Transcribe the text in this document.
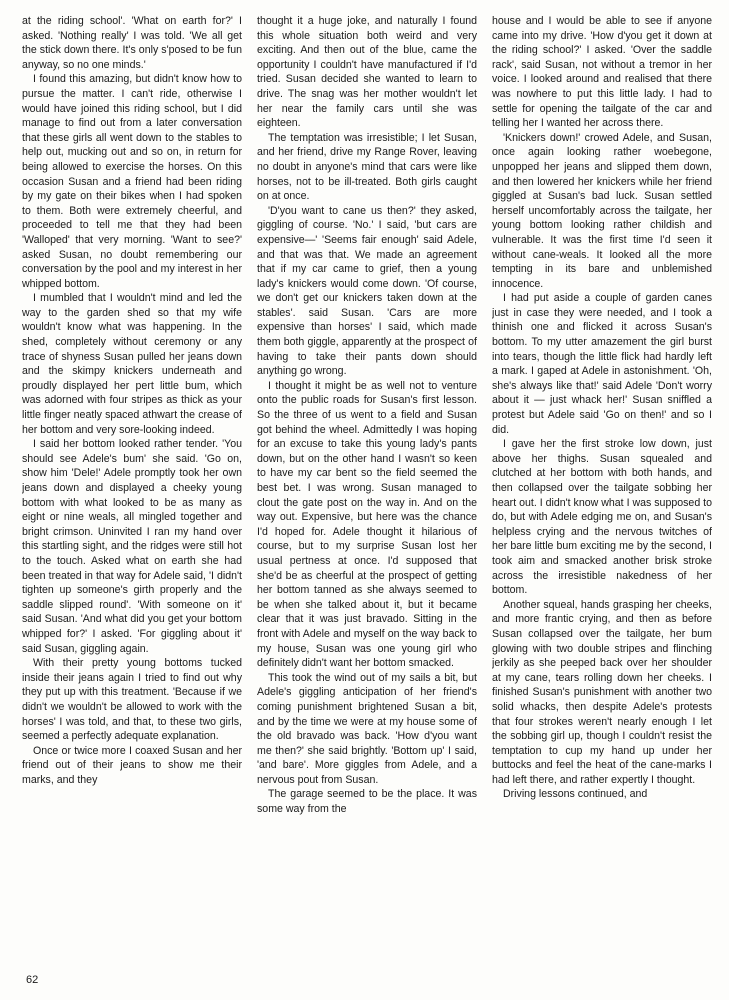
at the riding school'. 'What on earth for?' I asked. 'Nothing really' I was told. 'We all get the stick down there. It's only s'posed to be fun anyway, so no one minds.'

I found this amazing, but didn't know how to pursue the matter. I can't ride, otherwise I would have joined this riding school, but I did manage to find out from a later conversation that these girls all went down to the stables to help out, mucking out and so on, in return for being allowed to exercise the horses. On this occasion Susan and a friend had been riding by my gate on their bikes when I had spoken to them. Both were extremely cheerful, and proceeded to tell me that they had been 'Walloped' that very morning. 'Want to see?' asked Susan, no doubt remembering our conversation by the pool and my interest in her whipped bottom.

I mumbled that I wouldn't mind and led the way to the garden shed so that my wife wouldn't know what was happening. In the shed, completely without ceremony or any trace of shyness Susan pulled her jeans down and the skimpy knickers underneath and proudly displayed her pert little bum, which was adorned with four stripes as thick as your little finger neatly spaced athwart the crease of her bottom and very sore-looking indeed.

I said her bottom looked rather tender. 'You should see Adele's bum' she said. 'Go on, show him 'Dele!' Adele promptly took her own jeans down and displayed a cheeky young bottom with what looked to be as many as eight or nine weals, all mingled together and bright crimson. Uninvited I ran my hand over this startling sight, and the ridges were still hot to the touch. Asked what on earth she had been treated in that way for Adele said, 'I didn't tighten up someone's girth properly and the saddle slipped round'. 'With someone on it' said Susan. 'And what did you get your bottom whipped for?' I asked. 'For giggling about it' said Susan, giggling again.

With their pretty young bottoms tucked inside their jeans again I tried to find out why they put up with this treatment. 'Because if we didn't we wouldn't be allowed to work with the horses' I was told, and that, to these two girls, seemed a perfectly adequate explanation.

Once or twice more I coaxed Susan and her friend out of their jeans to show me their marks, and they

thought it a huge joke, and naturally I found this whole situation both weird and very exciting. And then out of the blue, came the opportunity I couldn't have manufactured if I'd tried. Susan decided she wanted to learn to drive. The snag was her mother wouldn't let her near the family cars until she was eighteen.

The temptation was irresistible; I let Susan, and her friend, drive my Range Rover, leaving no doubt in anyone's mind that cars were like horses, not to be ill-treated. Both girls caught on at once.

'D'you want to cane us then?' they asked, giggling of course. 'No.' I said, 'but cars are expensive—' 'Seems fair enough' said Adele, and that was that. We made an agreement that if my car came to grief, then a young lady's knickers would come down. 'Of course, we don't get our knickers taken down at the stables'. said Susan. 'Cars are more expensive than horses' I said, which made them both giggle, apparently at the prospect of having to take their pants down should anything go wrong.

I thought it might be as well not to venture onto the public roads for Susan's first lesson. So the three of us went to a field and Susan got behind the wheel. Admittedly I was hoping for an excuse to take this young lady's pants down, but on the other hand I wasn't so keen to have my car bent so the field seemed the best bet. I was wrong. Susan managed to clout the gate post on the way in. And on the way out. Expensive, but here was the chance I'd hoped for. Adele thought it hilarious of course, but to my surprise Susan lost her usual pertness at once. I'd supposed that she'd be as cheerful at the prospect of getting her bottom tanned as she always seemed to be when she talked about it, but it became clear that it was just bravado. Sitting in the front with Adele and myself on the way back to my house, Susan was one young girl who definitely didn't want her bottom smacked.

This took the wind out of my sails a bit, but Adele's giggling anticipation of her friend's coming punishment brightened Susan a bit, and by the time we were at my house some of the old bravado was back. 'How d'you want me then?' she said brightly. 'Bottom up' I said, 'and bare'. More giggles from Adele, and a nervous pout from Susan.

The garage seemed to be the place. It was some way from the

house and I would be able to see if anyone came into my drive. 'How d'you get it down at the riding school?' I asked. 'Over the saddle rack', said Susan, not without a tremor in her voice. I looked around and realised that there was nowhere to put this little lady. I had to settle for opening the tailgate of the car and telling her I wanted her across there.

'Knickers down!' crowed Adele, and Susan, once again looking rather woebegone, unpopped her jeans and slipped them down, and then lowered her knickers while her friend giggled at Susan's bad luck. Susan settled herself uncomfortably across the tailgate, her young bottom looking rather childish and vulnerable. It was the first time I'd seen it without cane-weals. It looked all the more tempting in its bare and unblemished innocence.

I had put aside a couple of garden canes just in case they were needed, and I took a thinish one and flicked it across Susan's bottom. To my utter amazement the girl burst into tears, though the little flick had hardly left a mark. I gaped at Adele in astonishment. 'Oh, she's always like that!' said Adele 'Don't worry about it — just whack her!' Susan sniffled a protest but Adele said 'Go on then!' and so I did.

I gave her the first stroke low down, just above her thighs. Susan squealed and clutched at her bottom with both hands, and then collapsed over the tailgate sobbing her heart out. I didn't know what I was supposed to do, but with Adele edging me on, and Susan's helpless crying and the nervous twitches of her bare little bum exciting me by the second, I took aim and smacked another brisk stroke across the irresistible nakedness of her bottom.

Another squeal, hands grasping her cheeks, and more frantic crying, and then as before Susan collapsed over the tailgate, her bum glowing with two double stripes and flinching jerkily as she peeped back over her shoulder at my cane, tears rolling down her cheeks. I finished Susan's punishment with another two solid whacks, then despite Adele's protests that four strokes weren't nearly enough I let the sobbing girl up, though I couldn't resist the temptation to cup my hand up under her buttocks and feel the heat of the cane-marks I had left there, and rather expertly I thought.

Driving lessons continued, and

62
